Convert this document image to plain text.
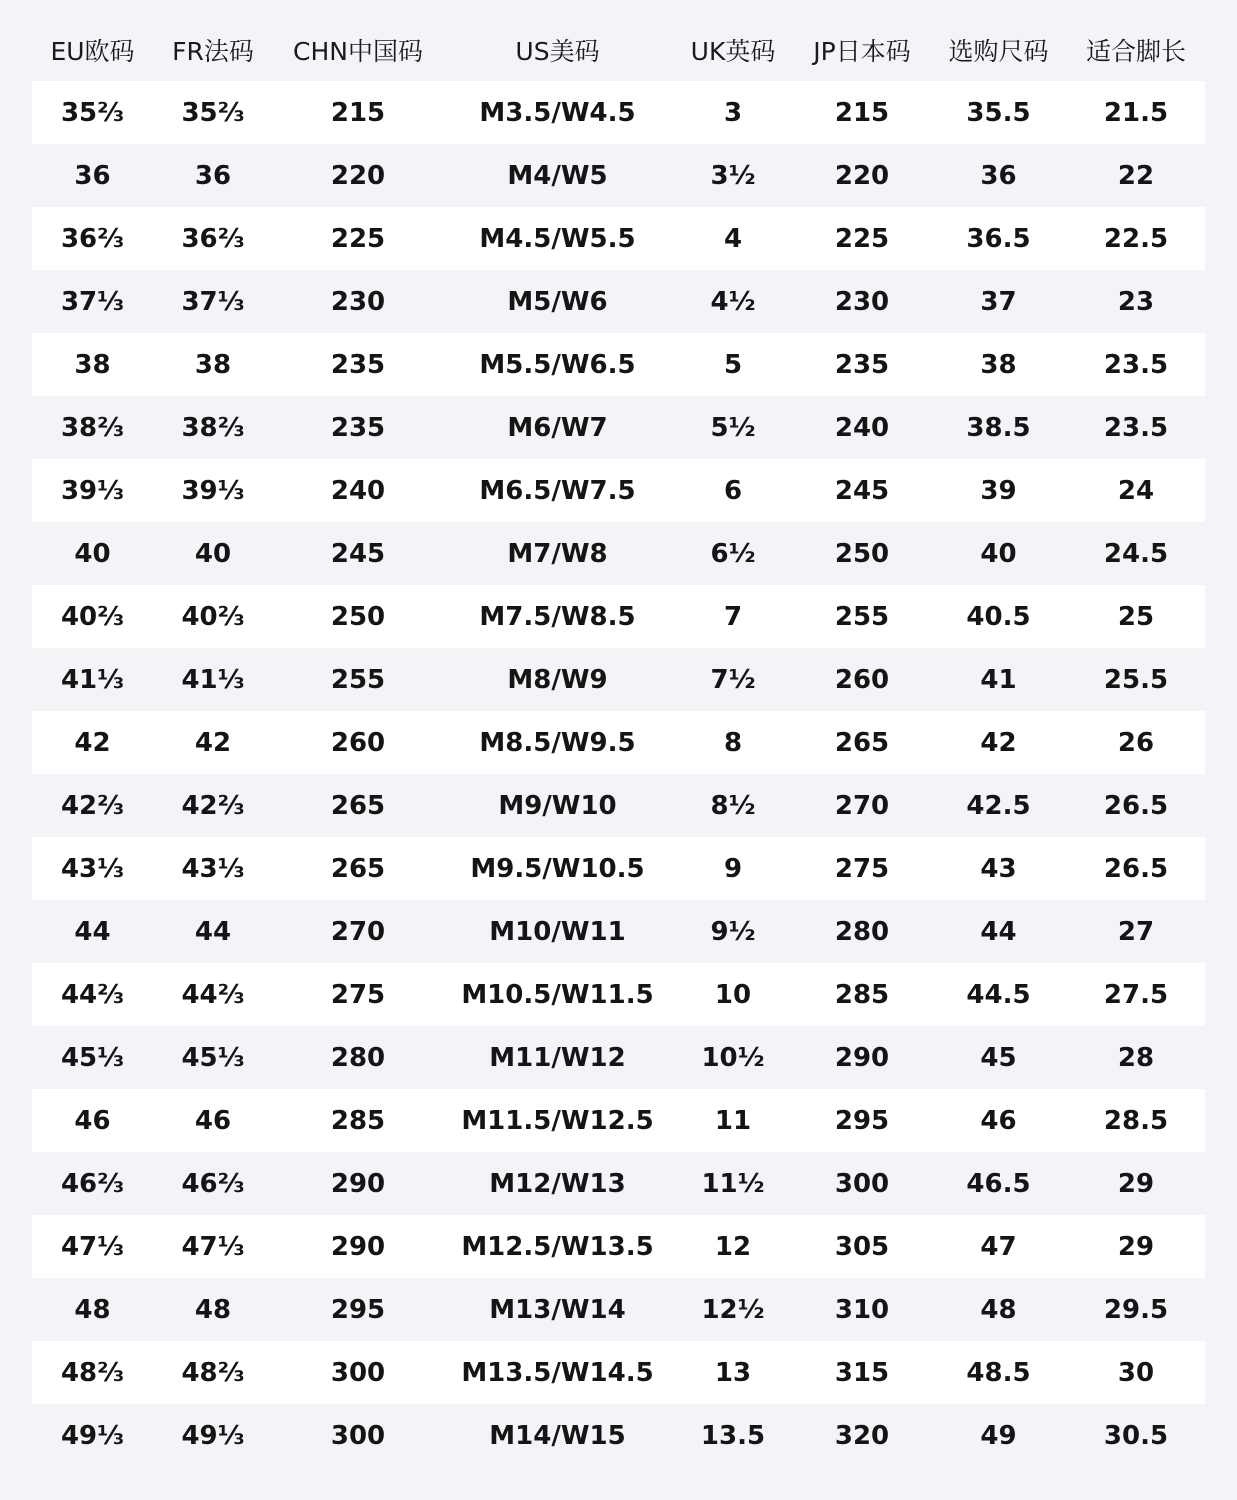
EU欧码	FR法码	CHN中国码	US美码	UK英码	JP日本码	选购尺码	适合脚长
35⅔	35⅔	215	M3.5/W4.5	3	215	35.5	21.5
36	36	220	M4/W5	3½	220	36	22
36⅔	36⅔	225	M4.5/W5.5	4	225	36.5	22.5
37⅓	37⅓	230	M5/W6	4½	230	37	23
38	38	235	M5.5/W6.5	5	235	38	23.5
38⅔	38⅔	235	M6/W7	5½	240	38.5	23.5
39⅓	39⅓	240	M6.5/W7.5	6	245	39	24
40	40	245	M7/W8	6½	250	40	24.5
40⅔	40⅔	250	M7.5/W8.5	7	255	40.5	25
41⅓	41⅓	255	M8/W9	7½	260	41	25.5
42	42	260	M8.5/W9.5	8	265	42	26
42⅔	42⅔	265	M9/W10	8½	270	42.5	26.5
43⅓	43⅓	265	M9.5/W10.5	9	275	43	26.5
44	44	270	M10/W11	9½	280	44	27
44⅔	44⅔	275	M10.5/W11.5	10	285	44.5	27.5
45⅓	45⅓	280	M11/W12	10½	290	45	28
46	46	285	M11.5/W12.5	11	295	46	28.5
46⅔	46⅔	290	M12/W13	11½	300	46.5	29
47⅓	47⅓	290	M12.5/W13.5	12	305	47	29
48	48	295	M13/W14	12½	310	48	29.5
48⅔	48⅔	300	M13.5/W14.5	13	315	48.5	30
49⅓	49⅓	300	M14/W15	13.5	320	49	30.5
